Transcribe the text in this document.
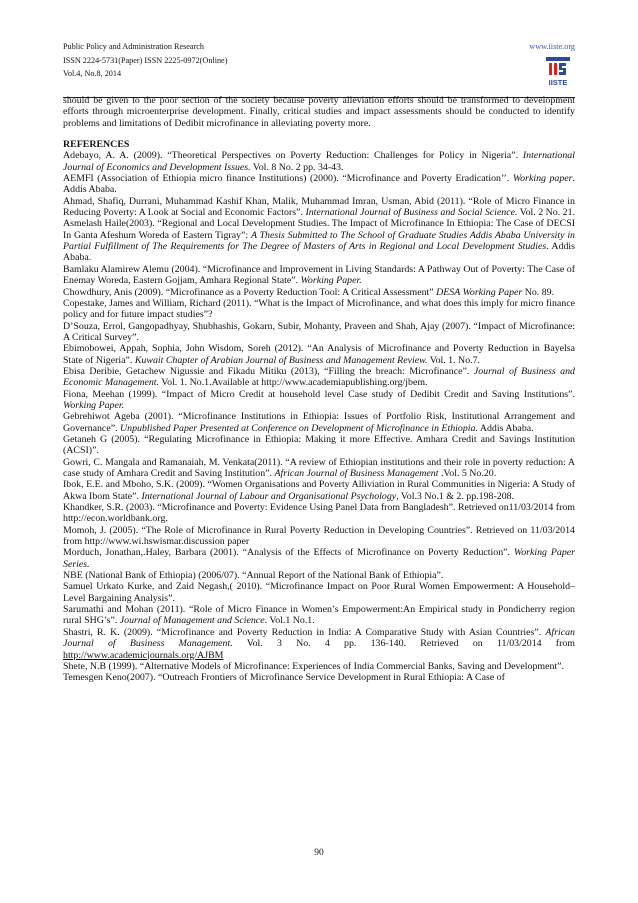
Public Policy and Administration Research
ISSN 2224-5731(Paper) ISSN 2225-0972(Online)
Vol.4, No.8, 2014
www.iiste.org
IISTE

should be given to the poor section of the society because poverty alleviation efforts should be transformed to development efforts through microenterprise development. Finally, critical studies and impact assessments should be conducted to identify problems and limitations of Dedibit microfinance in alleviating poverty more.

REFERENCES

Adebayo, A. A. (2009). “Theoretical Perspectives on Poverty Reduction: Challenges for Policy in Nigeria”. International Journal of Economics and Development Issues. Vol. 8 No. 2 pp. 34-43.

AEMFI (Association of Ethiopia micro finance Institutions) (2000). “Microfinance and Poverty Eradication’’. Working paper. Addis Ababa.

Ahmad, Shafiq, Durrani, Muhammad Kashif Khan, Malik, Muhammad Imran, Usman, Abid (2011). “Role of Micro Finance in Reducing Poverty: A Look at Social and Economic Factors”. International Journal of Business and Social Science. Vol. 2 No. 21.

Asmelash Haile(2003). “Regional and Local Development Studies. The Impact of Microfinance In Ethiopia: The Case of DECSI In Ganta Afeshum Woreda of Eastern Tigray”: A Thesis Submitted to The School of Graduate Studies Addis Ababa University in Partial Fulfillment of The Requirements for The Degree of Masters of Arts in Regional and Local Development Studies. Addis Ababa.

Bamlaku Alamirew Alemu (2004). “Microfinance and Improvement in Living Standards: A Pathway Out of Poverty: The Case of Enemay Woreda, Eastern Gojjam, Amhara Regional State”. Working Paper.

Chowdhury, Anis (2009). “Microfinance as a Poverty Reduction Tool: A Critical Assessment” DESA Working Paper No. 89.

Copestake, James and William, Richard (2011). “What is the Impact of Microfinance, and what does this imply for micro finance policy and for future impact studies”?

D’Souza, Errol, Gangopadhyay, Shubhashis, Gokarn, Subir, Mohanty, Praveen and Shah, Ajay (2007). “Impact of Microfinance: A Critical Survey”.

Ebimobowei, Appah, Sophia, John Wisdom, Soreh (2012). “An Analysis of Microfinance and Poverty Reduction in Bayelsa State of Nigeria”. Kuwait Chapter of Arabian Journal of Business and Management Review. Vol. 1. No.7.

Ebisa Deribie, Getachew Nigussie and Fikadu Mitiku (2013), “Filling the breach: Microfinance”. Journal of Business and Economic Management. Vol. 1. No.1.Available at http://www.academiapublishing.org/jbem.

Fiona, Meehan (1999). “Impact of Micro Credit at household level Case study of Dedibit Credit and Saving Institutions”. Working Paper.

Gebrehiwot Ageba (2001). “Microfinance Institutions in Ethiopia: Issues of Portfolio Risk, Institutional Arrangement and Governance”. Unpublished Paper Presented at Conference on Development of Microfinance in Ethiopia. Addis Ababa.

Getaneh G (2005). “Regulating Microfinance in Ethiopia: Making it more Effective. Amhara Credit and Savings Institution (ACSI)”.

Gowri, C. Mangala and Ramanaiah, M. Venkata(2011). “A review of Ethiopian institutions and their role in poverty reduction: A case study of Amhara Credit and Saving Institution”. African Journal of Business Management .Vol. 5 No.20.

Ibok, E.E. and Mboho, S.K. (2009). “Women Organisations and Poverty Alliviation in Rural Communities in Nigeria: A Study of Akwa Ibom State”. International Journal of Labour and Organisational Psychology, Vol.3 No.1 & 2. pp.198-208.

Khandker, S.R. (2003). “Microfinance and Poverty: Evidence Using Panel Data from Bangladesh”. Retrieved on11/03/2014 from http://econ.worldbank.org.

Momoh, J. (2005). “The Role of Microfinance in Rural Poverty Reduction in Developing Countries”. Retrieved on 11/03/2014 from http://www.wi.hswismar.discussion paper

Morduch, Jonathan,.Haley, Barbara (2001). “Analysis of the Effects of Microfinance on Poverty Reduction”. Working Paper Series.

NBE (National Bank of Ethiopia) (2006/07). “Annual Report of the National Bank of Ethiopia”.

Samuel Urkato Kurke, and Zaid Negash,( 2010). “Microfinance Impact on Poor Rural Women Empowerment: A Household–Level Bargaining Analysis”.

Sarumathi and Mohan (2011). “Role of Micro Finance in Women’s Empowerment:An Empirical study in Pondicherry region rural SHG’s”. Journal of Management and Science. Vol.1 No.1.

Shastri, R. K. (2009). “Microfinance and Poverty Reduction in India: A Comparative Study with Asian Countries”. African Journal of Business Management. Vol. 3 No. 4 pp. 136-140. Retrieved on 11/03/2014 from http://www.academicjournals.org/AJBM

Shete, N.B (1999). “Alternative Models of Microfinance: Experiences of India Commercial Banks, Saving and Development”.

Temesgen Keno(2007). “Outreach Frontiers of Microfinance Service Development in Rural Ethiopia: A Case of

90
